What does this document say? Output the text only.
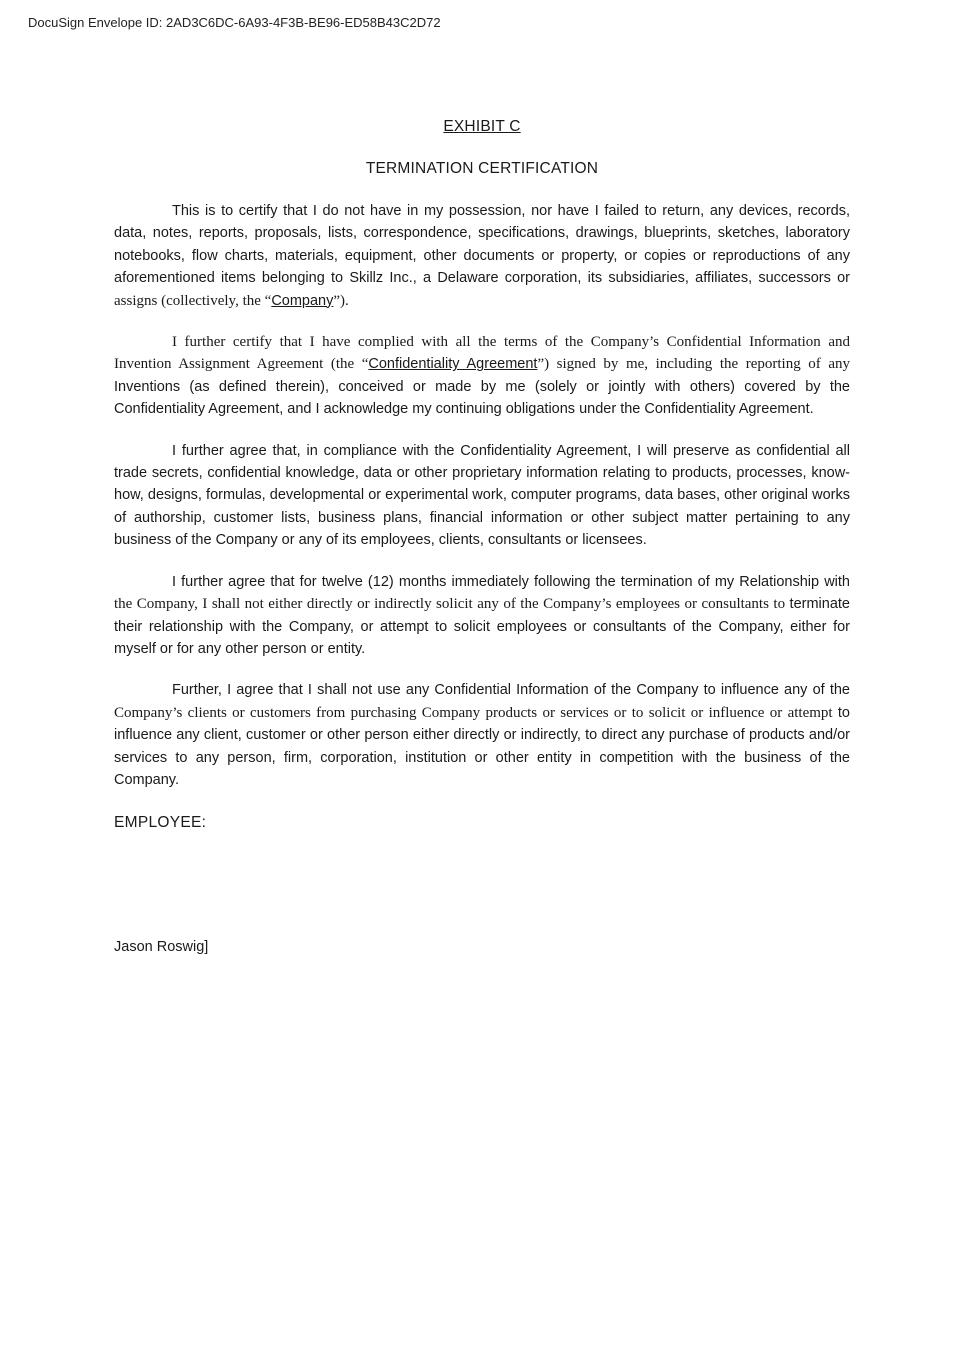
DocuSign Envelope ID: 2AD3C6DC-6A93-4F3B-BE96-ED58B43C2D72
EXHIBIT C
TERMINATION CERTIFICATION

This is to certify that I do not have in my possession, nor have I failed to return, any devices, records, data, notes, reports, proposals, lists, correspondence, specifications, drawings, blueprints, sketches, laboratory notebooks, flow charts, materials, equipment, other documents or property, or copies or reproductions of any aforementioned items belonging to Skillz Inc., a Delaware corporation, its subsidiaries, affiliates, successors or assigns (collectively, the “Company”).

I further certify that I have complied with all the terms of the Company’s Confidential Information and Invention Assignment Agreement (the “Confidentiality Agreement”) signed by me, including the reporting of any Inventions (as defined therein), conceived or made by me (solely or jointly with others) covered by the Confidentiality Agreement, and I acknowledge my continuing obligations under the Confidentiality Agreement.

I further agree that, in compliance with the Confidentiality Agreement, I will preserve as confidential all trade secrets, confidential knowledge, data or other proprietary information relating to products, processes, know-how, designs, formulas, developmental or experimental work, computer programs, data bases, other original works of authorship, customer lists, business plans, financial information or other subject matter pertaining to any business of the Company or any of its employees, clients, consultants or licensees.

I further agree that for twelve (12) months immediately following the termination of my Relationship with the Company, I shall not either directly or indirectly solicit any of the Company’s employees or consultants to terminate their relationship with the Company, or attempt to solicit employees or consultants of the Company, either for myself or for any other person or entity.

Further, I agree that I shall not use any Confidential Information of the Company to influence any of the Company’s clients or customers from purchasing Company products or services or to solicit or influence or attempt to influence any client, customer or other person either directly or indirectly, to direct any purchase of products and/or services to any person, firm, corporation, institution or other entity in competition with the business of the Company.

EMPLOYEE:
Jason Roswig]
